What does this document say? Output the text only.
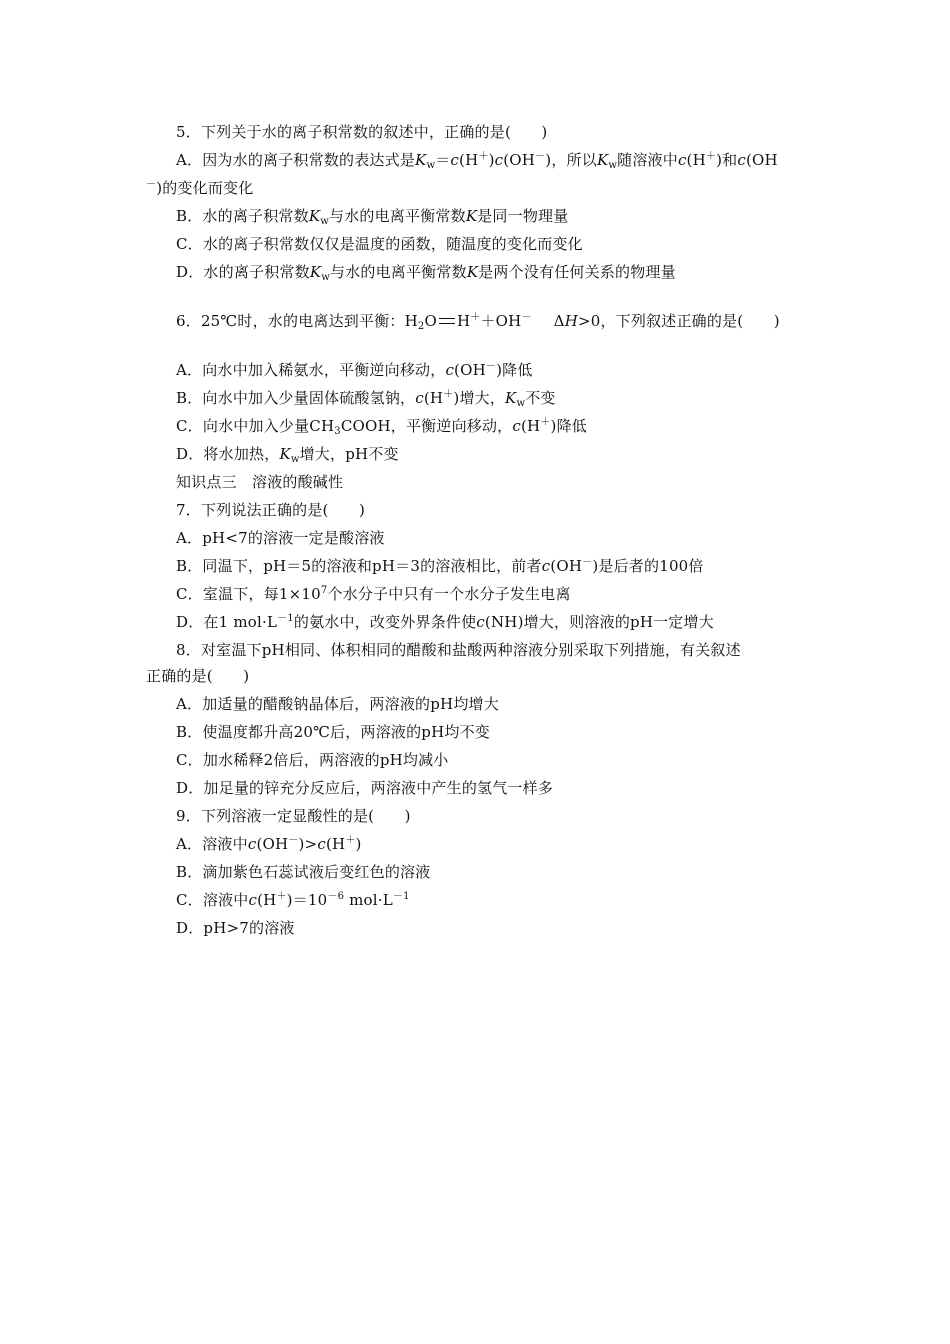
5．下列关于水的离子积常数的叙述中，正确的是(　　)
A．因为水的离子积常数的表达式是$K_w=c(H^+)c(OH^-)$，所以$K_w$随溶液中c(H＋)和c(OH
－)的变化而变化
B．水的离子积常数$K_w$与水的电离平衡常数K是同一物理量
C．水的离子积常数仅仅是温度的函数，随温度的变化而变化
D．水的离子积常数$K_w$与水的电离平衡常数K是两个没有任何关系的物理量
6．25℃时，水的电离达到平衡：$H_2O$ H＋＋OH－ ΔH>0，下列叙述正确的是(　　)
A．向水中加入稀氨水，平衡逆向移动，c(OH－)降低
B．向水中加入少量固体硫酸氢钠，c(H＋)增大，$K_w$不变
C．向水中加入少量$CH_3COOH$，平衡逆向移动，c(H＋)降低
D．将水加热，$K_w$增大，pH不变
知识点三　溶液的酸碱性
7．下列说法正确的是(　　)
A．pH<7的溶液一定是酸溶液
B．同温下，pH＝5的溶液和pH＝3的溶液相比，前者c(OH－)是后者的100倍
C．室温下，每$1\times 10^7$个水分子中只有一个水分子发生电离
D．在1 $mol\cdot L^{-1}$的氨水中，改变外界条件使c(NH)增大，则溶液的pH一定增大
8．对室温下pH相同、体积相同的醋酸和盐酸两种溶液分别采取下列措施，有关叙述
正确的是(　　)
A．加适量的醋酸钠晶体后，两溶液的pH均增大
B．使温度都升高20℃后，两溶液的pH均不变
C．加水稀释2倍后，两溶液的pH均减小
D．加足量的锌充分反应后，两溶液中产生的氢气一样多
9．下列溶液一定显酸性的是(　　)
A．溶液中c(OH－)>c(H＋)
B．滴加紫色石蕊试液后变红色的溶液
C．溶液中$c(H^+)=10^{-6}$ $mol\cdot L^{-1}$
D．pH>7的溶液
